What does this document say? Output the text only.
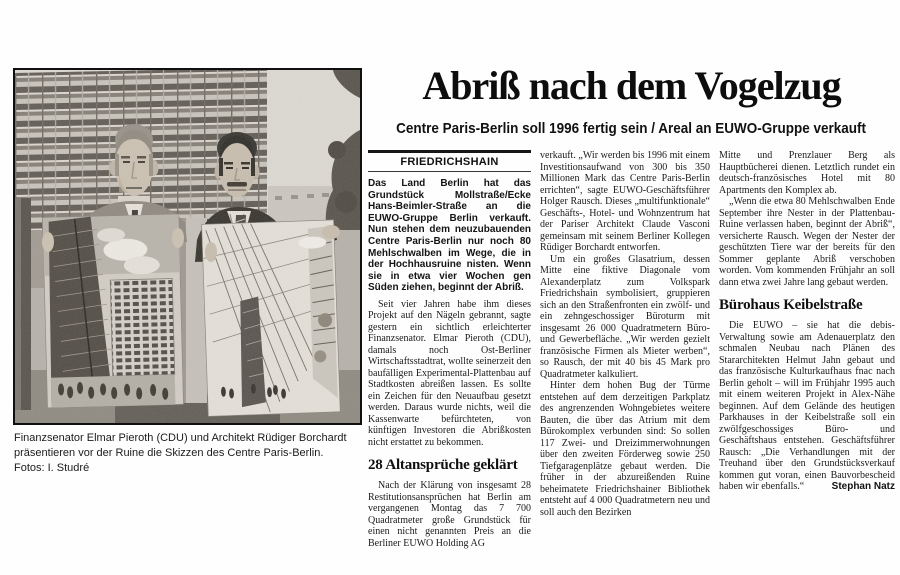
Finanzsenator Elmar Pieroth (CDU) und Architekt Rüdiger Borchardt
präsentieren vor der Ruine die Skizzen des Centre Paris-Berlin.
Fotos: I. Studré
Abriß nach dem Vogelzug
Centre Paris-Berlin soll 1996 fertig sein / Areal an EUWO-Gruppe verkauft
FRIEDRICHSHAIN

Das Land Berlin hat das Grundstück Mollstraße/Ecke Hans-Beimler-Straße an die EUWO-Gruppe Berlin verkauft. Nun stehen dem neuzubauenden Centre Paris-Berlin nur noch 80 Mehlschwalben im Wege, die in der Hochhausruine nisten. Wenn sie in etwa vier Wochen gen Süden ziehen, beginnt der Abriß.

Seit vier Jahren habe ihm dieses Projekt auf den Nägeln gebrannt, sagte gestern ein sichtlich erleichterter Finanzsenator. Elmar Pieroth (CDU), damals noch Ost-Berliner Wirtschaftsstadtrat, wollte seinerzeit den baufälligen Experimental-Plattenbau auf Stadtkosten abreißen lassen. Es sollte ein Zeichen für den Neuaufbau gesetzt werden. Daraus wurde nichts, weil die Kassenwarte befürchteten, von künftigen Investoren die Abrißkosten nicht erstattet zu bekommen.

28 Altansprüche geklärt

Nach der Klärung von insgesamt 28 Restitutionsansprüchen hat Berlin am vergangenen Montag das 7 700 Quadratmeter große Grundstück für einen nicht genannten Preis an die Berliner EUWO Holding AG

verkauft. „Wir werden bis 1996 mit einem Investitionsaufwand von 300 bis 350 Millionen Mark das Centre Paris-Berlin errichten“, sagte EUWO-Geschäftsführer Holger Rausch. Dieses „multifunktionale“ Geschäfts-, Hotel- und Wohnzentrum hat der Pariser Architekt Claude Vasconi gemeinsam mit seinem Berliner Kollegen Rüdiger Borchardt entworfen.

Um ein großes Glasatrium, dessen Mitte eine fiktive Diagonale vom Alexanderplatz zum Volkspark Friedrichshain symbolisiert, gruppieren sich an den Straßenfronten ein zwölf- und ein zehngeschossiger Büroturm mit insgesamt 26 000 Quadratmetern Büro- und Gewerbefläche. „Wir werden gezielt französische Firmen als Mieter werben“, so Rausch, der mit 40 bis 45 Mark pro Quadratmeter kalkuliert.

Hinter dem hohen Bug der Türme entstehen auf dem derzeitigen Parkplatz des angrenzenden Wohngebietes weitere Bauten, die über das Atrium mit dem Bürokomplex verbunden sind: So sollen 117 Zwei- und Dreizimmerwohnungen über den zweiten Förderweg sowie 250 Tiefgaragenplätze gebaut werden. Die früher in der abzureißenden Ruine beheimatete Friedrichshainer Bibliothek entsteht auf 4 000 Quadratmetern neu und soll auch den Bezirken

Mitte und Prenzlauer Berg als Hauptbücherei dienen. Letztlich rundet ein deutsch-französisches Hotel mit 80 Apartments den Komplex ab.

„Wenn die etwa 80 Mehlschwalben Ende September ihre Nester in der Plattenbau-Ruine verlassen haben, beginnt der Abriß“, versicherte Rausch. Wegen der Nester der geschützten Tiere war der bereits für den Sommer geplante Abriß verschoben worden. Vom kommenden Frühjahr an soll dann etwa zwei Jahre lang gebaut werden.

Bürohaus Keibelstraße

Die EUWO – sie hat die debis-Verwaltung sowie am Adenauerplatz den schmalen Neubau nach Plänen des Stararchitekten Helmut Jahn gebaut und das französische Kulturkaufhaus fnac nach Berlin geholt – will im Frühjahr 1995 auch mit einem weiteren Projekt in Alex-Nähe beginnen. Auf dem Gelände des heutigen Parkhauses in der Keibelstraße soll ein zwölfgeschossiges Büro- und Geschäftshaus entstehen. Geschäftsführer Rausch: „Die Verhandlungen mit der Treuhand über den Grundstücksverkauf kommen gut voran, einen Bauvorbescheid haben wir ebenfalls.“	Stephan Natz
